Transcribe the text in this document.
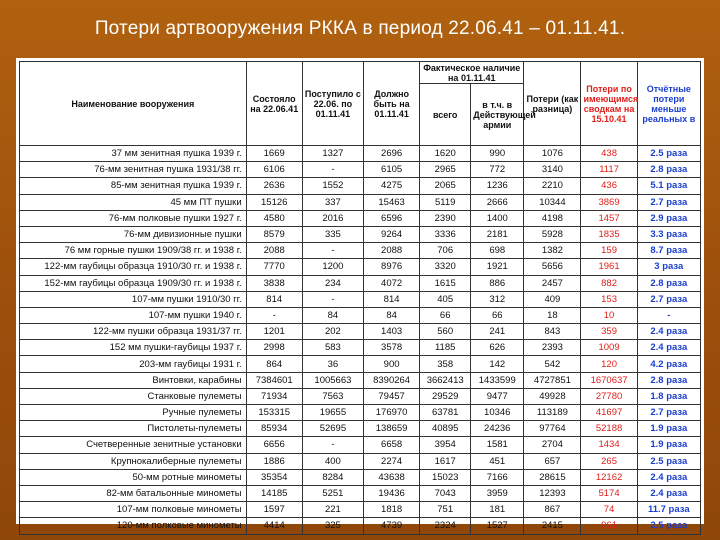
Потери артвооружения РККА в период 22.06.41 – 01.11.41.
Наименование вооружения	Состояло на 22.06.41	Поступило с 22.06. по 01.11.41	Должно быть на 01.11.41	Фактическое наличие на 01.11.41		Потери (как разница)	Потери по имеющимся сводкам на 15.10.41	Отчётные потери меньше реальных в
				всего	в т.ч. в Действующей армии			
37 мм зенитная пушка 1939 г.	1669	1327	2696	1620	990	1076	438	2.5 раза
76-мм зенитная пушка 1931/38 гг.	6106	-	6105	2965	772	3140	1117	2.8 раза
85-мм зенитная пушка 1939 г.	2636	1552	4275	2065	1236	2210	436	5.1 раза
45 мм ПТ пушки	15126	337	15463	5119	2666	10344	3869	2.7 раза
76-мм полковые пушки 1927 г.	4580	2016	6596	2390	1400	4198	1457	2.9 раза
76-мм дивизионные пушки	8579	335	9264	3336	2181	5928	1835	3.3 раза
76 мм горные пушки 1909/38 гг. и 1938 г.	2088	-	2088	706	698	1382	159	8.7 раза
122-мм гаубицы образца 1910/30 гг. и 1938 г.	7770	1200	8976	3320	1921	5656	1961	3 раза
152-мм гаубицы образца 1909/30 гг. и 1938 г.	3838	234	4072	1615	886	2457	882	2.8 раза
107-мм пушки 1910/30 гг.	814	-	814	405	312	409	153	2.7 раза
107-мм пушки 1940 г.	-	84	84	66	66	18	10	-
122-мм пушки образца 1931/37 гг.	1201	202	1403	560	241	843	359	2.4 раза
152 мм пушки-гаубицы 1937 г.	2998	583	3578	1185	626	2393	1009	2.4 раза
203-мм гаубицы 1931 г.	864	36	900	358	142	542	120	4.2 раза
Винтовки, карабины	7384601	1005663	8390264	3662413	1433599	4727851	1670637	2.8 раза
Станковые пулеметы	71934	7563	79457	29529	9477	49928	27780	1.8 раза
Ручные пулеметы	153315	19655	176970	63781	10346	113189	41697	2.7 раза
Пистолеты-пулеметы	85934	52695	138659	40895	24236	97764	52188	1.9 раза
Счетверенные зенитные установки	6656	-	6658	3954	1581	2704	1434	1.9 раза
Крупнокалиберные пулеметы	1886	400	2274	1617	451	657	265	2.5 раза
50-мм ротные минометы	35354	8284	43638	15023	7166	28615	12162	2.4 раза
82-мм батальонные минометы	14185	5251	19436	7043	3959	12393	5174	2.4 раза
107-мм полковые минометы	1597	221	1818	751	181	867	74	11.7 раза
120-мм полковые минометы	4414	325	4739	2324	1527	2415	961	2.5 раза
